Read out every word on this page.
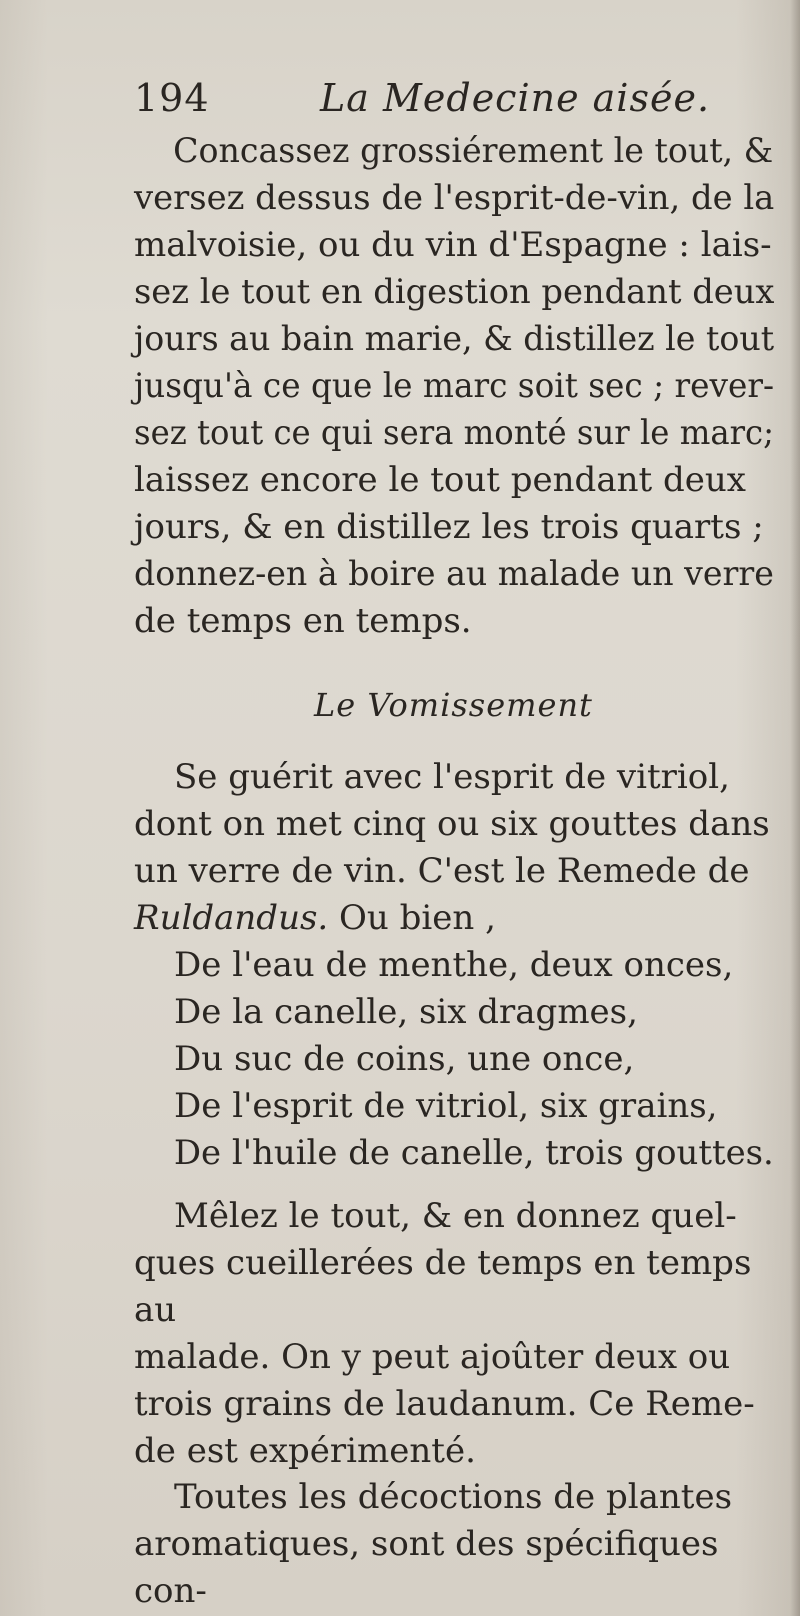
194	La Medecine aisée.
Concassez grossiérement le tout, &
versez dessus de l'esprit-de-vin, de la
malvoisie, ou du vin d'Espagne : lais-
sez le tout en digestion pendant deux
jours au bain marie, & distillez le tout
jusqu'à ce que le marc soit sec ; rever-
sez tout ce qui sera monté sur le marc;
laissez encore le tout pendant deux
jours, & en distillez les trois quarts ;
donnez-en à boire au malade un verre
de temps en temps.
Le Vomissement
Se guérit avec l'esprit de vitriol,
dont on met cinq ou six gouttes dans
un verre de vin. C'est le Remede de
Ruldandus. Ou bien ,
De l'eau de menthe, deux onces,
De la canelle, six dragmes,
Du suc de coins, une once,
De l'esprit de vitriol, six grains,
De l'huile de canelle, trois gouttes.
Mêlez le tout, & en donnez quel-
ques cueillerées de temps en temps au
malade. On y peut ajoûter deux ou
trois grains de laudanum. Ce Reme-
de est expérimenté.
Toutes les décoctions de plantes
aromatiques, sont des spécifiques con-
